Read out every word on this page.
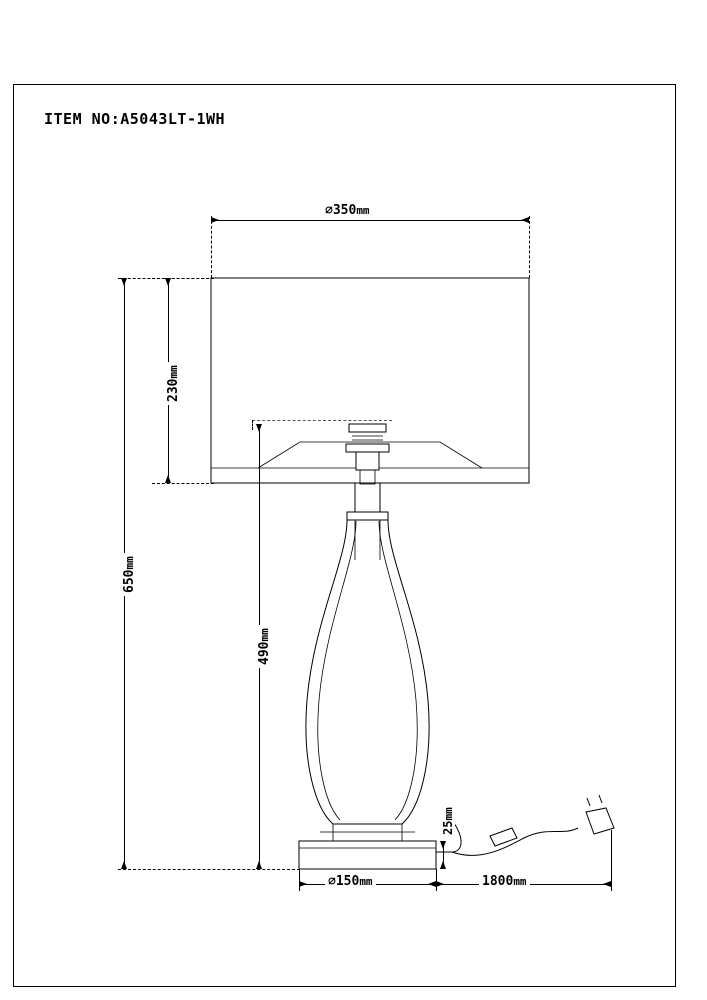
ITEM NO:A5043LT-1WH
⌀350mm
230mm
650mm
490mm
25mm
⌀150mm	1800mm
